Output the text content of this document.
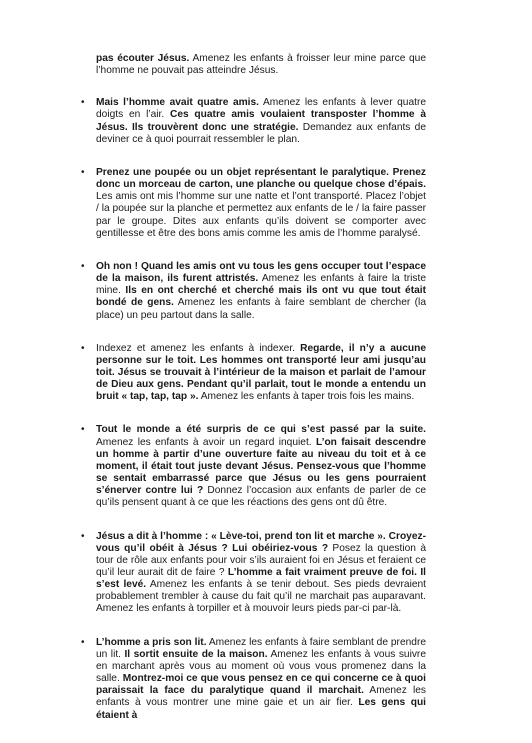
pas écouter Jésus. Amenez les enfants à froisser leur mine parce que l’homme ne pouvait pas atteindre Jésus.
• Mais l’homme avait quatre amis. Amenez les enfants à lever quatre doigts en l’air. Ces quatre amis voulaient transposter l’homme à Jésus. Ils trouvèrent donc une stratégie. Demandez aux enfants de deviner ce à quoi pourrait ressembler le plan.
• Prenez une poupée ou un objet représentant le paralytique. Prenez donc un morceau de carton, une planche ou quelque chose d’épais. Les amis ont mis l’homme sur une natte et l’ont transporté. Placez l’objet / la poupée sur la planche et permettez aux enfants de le / la faire passer par le groupe. Dites aux enfants qu’ils doivent se comporter avec gentillesse et être des bons amis comme les amis de l’homme paralysé.
• Oh non ! Quand les amis ont vu tous les gens occuper tout l’espace de la maison, ils furent attristés. Amenez les enfants à faire la triste mine. Ils en ont cherché et cherché mais ils ont vu que tout était bondé de gens. Amenez les enfants à faire semblant de chercher (la place) un peu partout dans la salle.
• Indexez et amenez les enfants à indexer. Regarde, il n’y a aucune personne sur le toit. Les hommes ont transporté leur ami jusqu’au toit. Jésus se trouvait à l’intérieur de la maison et parlait de l’amour de Dieu aux gens. Pendant qu’il parlait, tout le monde a entendu un bruit « tap, tap, tap ». Amenez les enfants à taper trois fois les mains.
• Tout le monde a été surpris de ce qui s’est passé par la suite. Amenez les enfants à avoir un regard inquiet. L’on faisait descendre un homme à partir d’une ouverture faite au niveau du toit et à ce moment, il était tout juste devant Jésus. Pensez-vous que l’homme se sentait embarrassé parce que Jésus ou les gens pourraient s’énerver contre lui ? Donnez l’occasion aux enfants de parler de ce qu’ils pensent quant à ce que les réactions des gens ont dû être.
• Jésus a dit à l’homme : « Lève-toi, prend ton lit et marche ». Croyez-vous qu’il obéit à Jésus ? Lui obéiriez-vous ? Posez la question à tour de rôle aux enfants pour voir s’ils auraient foi en Jésus et feraient ce qu’il leur aurait dit de faire ? L’homme a fait vraiment preuve de foi. Il s’est levé. Amenez les enfants à se tenir debout. Ses pieds devraient probablement trembler à cause du fait qu’il ne marchait pas auparavant. Amenez les enfants à torpiller et à mouvoir leurs pieds par-ci par-là.
• L’homme a pris son lit. Amenez les enfants à faire semblant de prendre un lit. Il sortit ensuite de la maison. Amenez les enfants à vous suivre en marchant après vous au moment où vous vous promenez dans la salle. Montrez-moi ce que vous pensez en ce qui concerne ce à quoi paraissait la face du paralytique quand il marchait. Amenez les enfants à vous montrer une mine gaie et un air fier. Les gens qui étaient à
